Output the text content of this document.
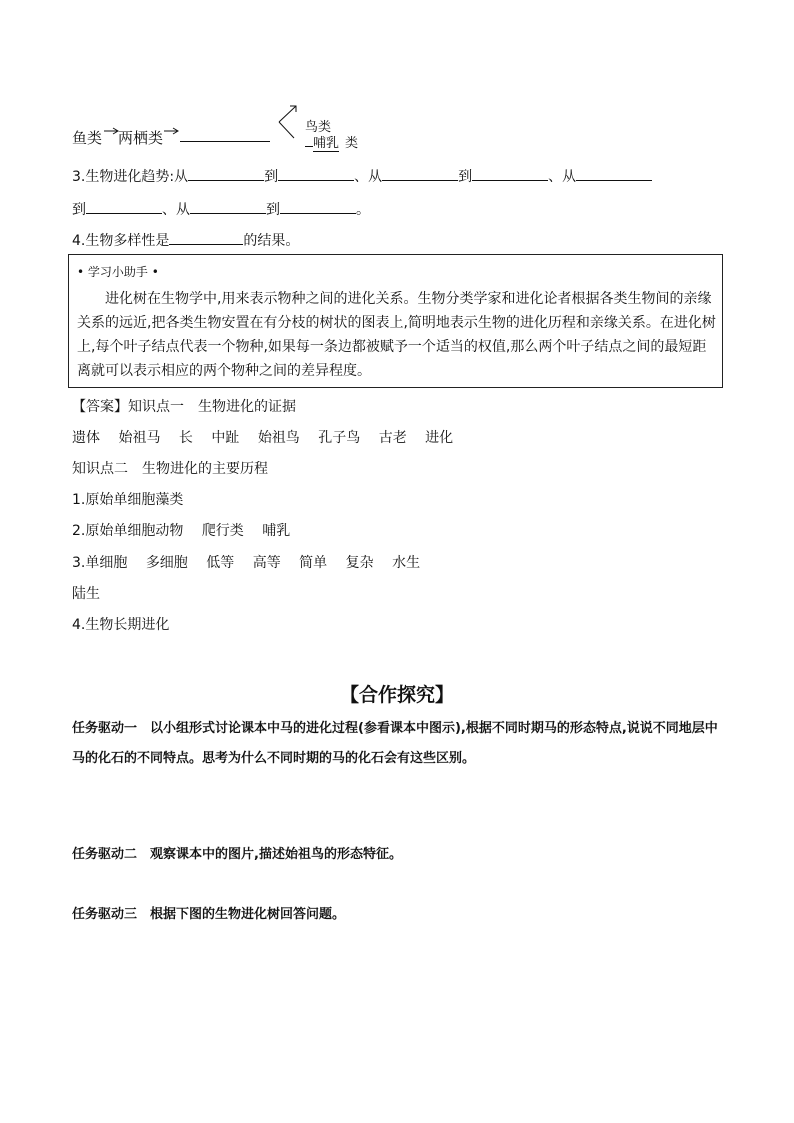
鱼类 两栖类
鸟类
哺乳 类
3.生物进化趋势:从	到	、从	到	、从
到	、从	到	。
4.生物多样性是	的结果。
• 学习小助手 •
进化树在生物学中,用来表示物种之间的进化关系。生物分类学家和进化论者根据各类生物间的亲缘关系的远近,把各类生物安置在有分枝的树状的图表上,简明地表示生物的进化历程和亲缘关系。在进化树上,每个叶子结点代表一个物种,如果每一条边都被赋予一个适当的权值,那么两个叶子结点之间的最短距离就可以表示相应的两个物种之间的差异程度。
【答案】知识点一　生物进化的证据
遗体 始祖马 长 中趾 始祖鸟 孔子鸟 古老 进化
知识点二　生物进化的主要历程
1.原始单细胞藻类
2.原始单细胞动物 爬行类 哺乳
3.单细胞 多细胞 低等 高等 简单 复杂 水生
陆生
4.生物长期进化
【合作探究】
任务驱动一　以小组形式讨论课本中马的进化过程(参看课本中图示),根据不同时期马的形态特点,说说不同地层中马的化石的不同特点。思考为什么不同时期的马的化石会有这些区别。
任务驱动二　观察课本中的图片,描述始祖鸟的形态特征。
任务驱动三　根据下图的生物进化树回答问题。
